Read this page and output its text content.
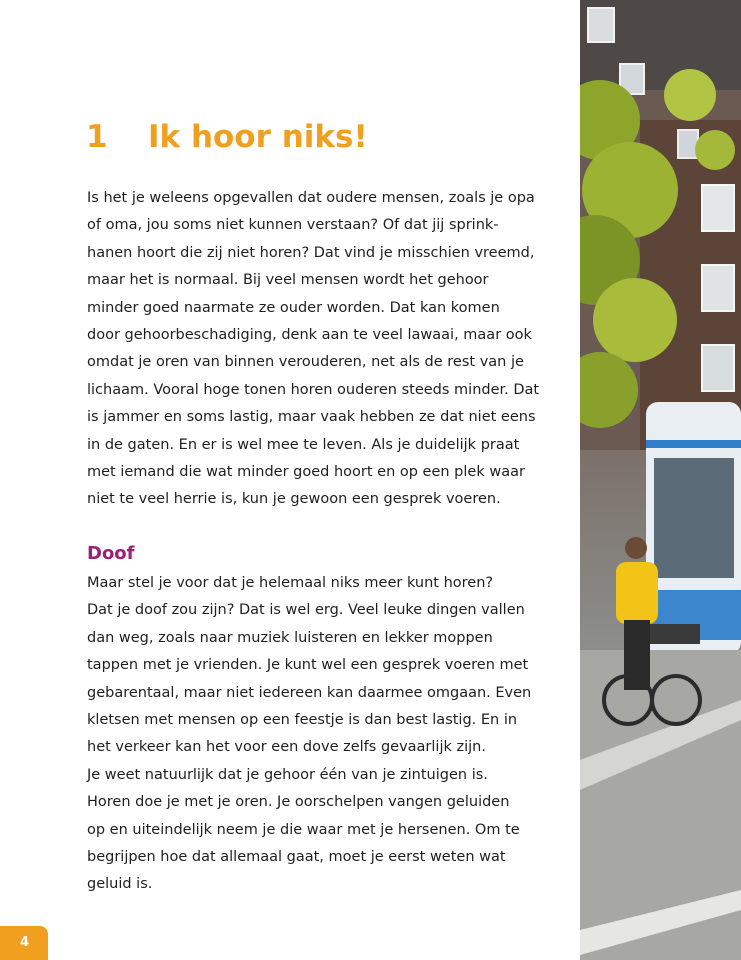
1 Ik hoor niks!
Is het je weleens opgevallen dat oudere mensen, zoals je opa
of oma, jou soms niet kunnen verstaan? Of dat jij sprink-
hanen hoort die zij niet horen? Dat vind je misschien vreemd,
maar het is normaal. Bij veel mensen wordt het gehoor
minder goed naarmate ze ouder worden. Dat kan komen
door gehoorbeschadiging, denk aan te veel lawaai, maar ook
omdat je oren van binnen verouderen, net als de rest van je
lichaam. Vooral hoge tonen horen ouderen steeds minder. Dat
is jammer en soms lastig, maar vaak hebben ze dat niet eens
in de gaten. En er is wel mee te leven. Als je duidelijk praat
met iemand die wat minder goed hoort en op een plek waar
niet te veel herrie is, kun je gewoon een gesprek voeren.
Doof
Maar stel je voor dat je helemaal niks meer kunt horen?
Dat je doof zou zijn? Dat is wel erg. Veel leuke dingen vallen
dan weg, zoals naar muziek luisteren en lekker moppen
tappen met je vrienden. Je kunt wel een gesprek voeren met
gebarentaal, maar niet iedereen kan daarmee omgaan. Even
kletsen met mensen op een feestje is dan best lastig. En in
het verkeer kan het voor een dove zelfs gevaarlijk zijn.
Je weet natuurlijk dat je gehoor één van je zintuigen is.
Horen doe je met je oren. Je oorschelpen vangen geluiden
op en uiteindelijk neem je die waar met je hersenen. Om te
begrijpen hoe dat allemaal gaat, moet je eerst weten wat
geluid is.
4
